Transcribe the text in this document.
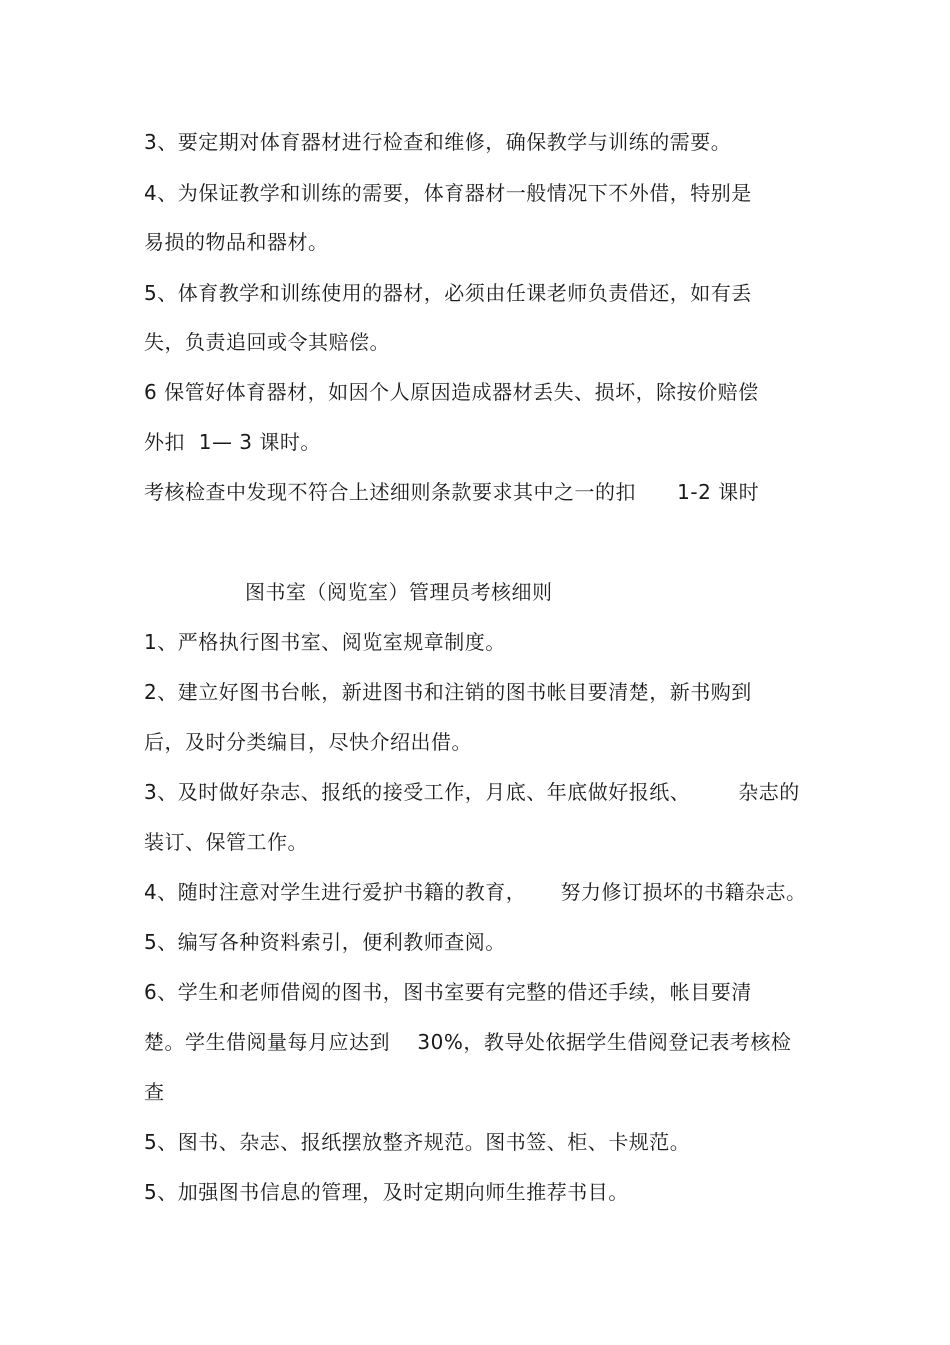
3、要定期对体育器材进行检查和维修，确保教学与训练的需要。
4、为保证教学和训练的需要，体育器材一般情况下不外借，特别是
易损的物品和器材。
5、体育教学和训练使用的器材，必须由任课老师负责借还，如有丢
失，负责追回或令其赔偿。
6 保管好体育器材，如因个人原因造成器材丢失、损坏，除按价赔偿
外扣  1— 3 课时。
考核检查中发现不符合上述细则条款要求其中之一的扣      1-2 课时
图书室（阅览室）管理员考核细则
1、严格执行图书室、阅览室规章制度。
2、建立好图书台帐，新进图书和注销的图书帐目要清楚，新书购到
后，及时分类编目，尽快介绍出借。
3、及时做好杂志、报纸的接受工作，月底、年底做好报纸、       杂志的
装订、保管工作。
4、随时注意对学生进行爱护书籍的教育，     努力修订损坏的书籍杂志。
5、编写各种资料索引，便利教师查阅。
6、学生和老师借阅的图书，图书室要有完整的借还手续，帐目要清
楚。学生借阅量每月应达到    30%，教导处依据学生借阅登记表考核检
查
5、图书、杂志、报纸摆放整齐规范。图书签、柜、卡规范。
5、加强图书信息的管理，及时定期向师生推荐书目。
